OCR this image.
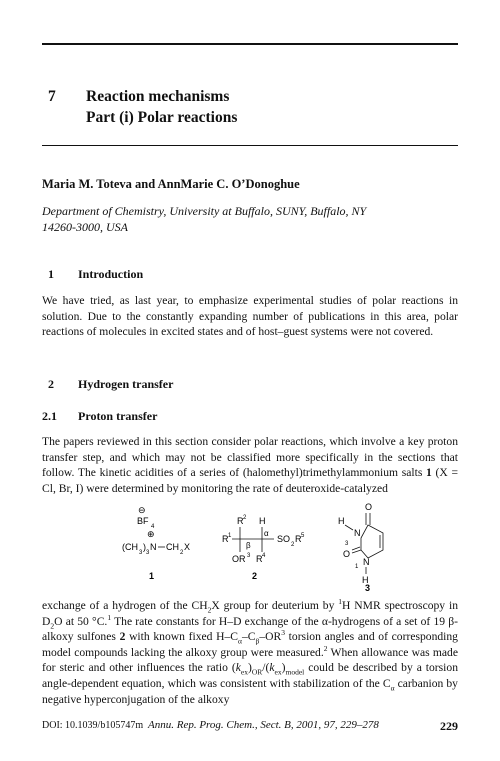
7 Reaction mechanisms
Part (i) Polar reactions
Maria M. Toteva and AnnMarie C. O’Donoghue
Department of Chemistry, University at Buffalo, SUNY, Buffalo, NY
14260-3000, USA
1 Introduction
We have tried, as last year, to emphasize experimental studies of polar reactions in solution. Due to the constantly expanding number of publications in this area, polar reactions of molecules in excited states and of host–guest systems were not covered.
2 Hydrogen transfer
2.1 Proton transfer
The papers reviewed in this section consider polar reactions, which involve a key proton transfer step, and which may not be classified more specifically in the sections that follow. The kinetic acidities of a series of (halomethyl)trimethylammonium salts 1 (X = Cl, Br, I) were determined by monitoring the rate of deuteroxide-catalyzed
⊖
BF
4
⊕
(CH
3
)
3
N CH
2
X
1
R 2 H
R 1	α
β
SO
2
R 5
OR 3 R 4
2
O
H
N
3
O
N
1
H
3
exchange of a hydrogen of the $CH_2X$ group for deuterium by $^1$H NMR spectroscopy in $D_2O$ at 50 °C.$^1$ The rate constants for H–D exchange of the α-hydrogens of a set of 19 β-alkoxy sulfones 2 with known fixed $H-C_\alpha-C_\beta-OR^3$ torsion angles and of corresponding model compounds lacking the alkoxy group were measured.$^2$ When allowance was made for steric and other influences the ratio $(k_{ex})_{OR}/(k_{ex})_{model}$ could be described by a torsion angle-dependent equation, which was consistent with stabilization of the $C_\alpha$ carbanion by negative hyperconjugation of the alkoxy
DOI: 10.1039/b105747m Annu. Rep. Prog. Chem., Sect. B, 2001, 97, 229–278	229
